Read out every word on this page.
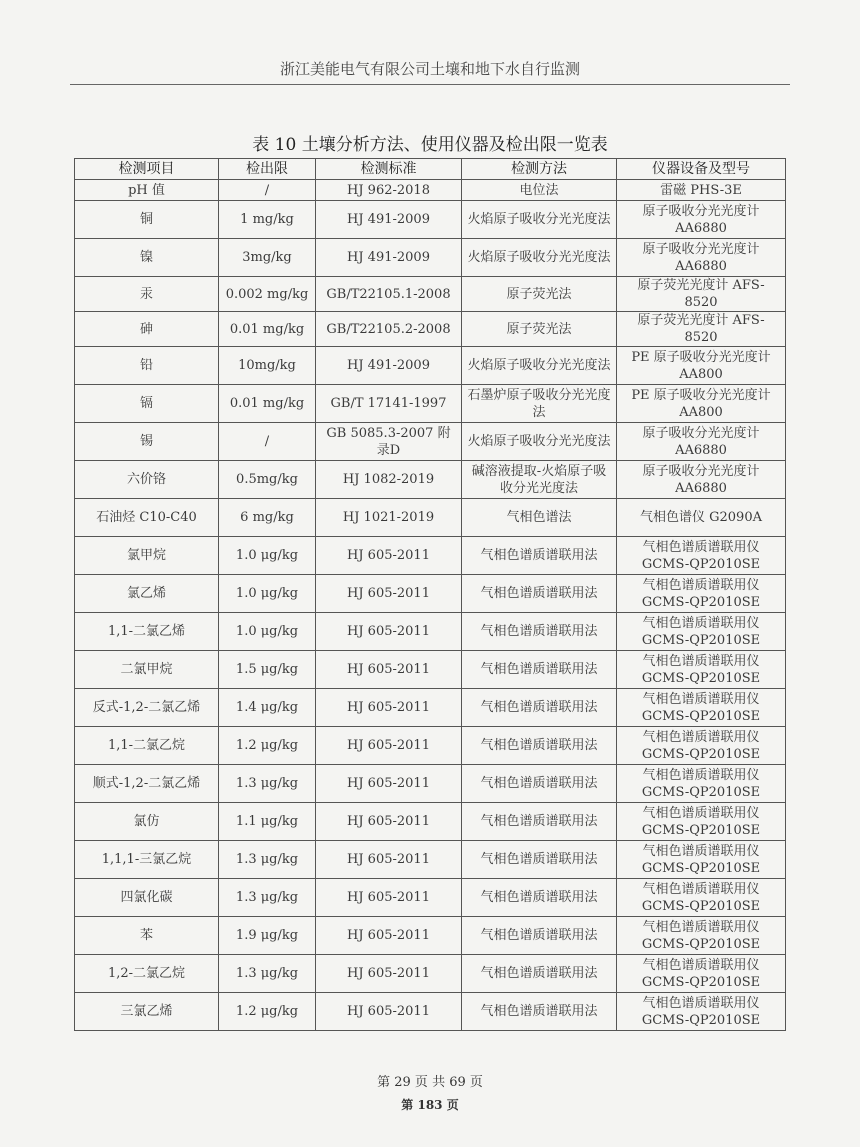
浙江美能电气有限公司土壤和地下水自行监测
表 10 土壤分析方法、使用仪器及检出限一览表
检测项目	检出限	检测标准	检测方法	仪器设备及型号
pH 值	/	HJ 962-2018	电位法	雷磁 PHS-3E
铜	1 mg/kg	HJ 491-2009	火焰原子吸收分光光度法	原子吸收分光光度计 AA6880
镍	3mg/kg	HJ 491-2009	火焰原子吸收分光光度法	原子吸收分光光度计 AA6880
汞	0.002 mg/kg	GB/T22105.1-2008	原子荧光法	原子荧光光度计 AFS-8520
砷	0.01 mg/kg	GB/T22105.2-2008	原子荧光法	原子荧光光度计 AFS-8520
铅	10mg/kg	HJ 491-2009	火焰原子吸收分光光度法	PE 原子吸收分光光度计 AA800
镉	0.01 mg/kg	GB/T 17141-1997	石墨炉原子吸收分光光度法	PE 原子吸收分光光度计 AA800
锡	/	GB 5085.3-2007 附录D	火焰原子吸收分光光度法	原子吸收分光光度计 AA6880
六价铬	0.5mg/kg	HJ 1082-2019	碱溶液提取-火焰原子吸收分光光度法	原子吸收分光光度计 AA6880
石油烃 C10-C40	6 mg/kg	HJ 1021-2019	气相色谱法	气相色谱仪 G2090A
氯甲烷	1.0 μg/kg	HJ 605-2011	气相色谱质谱联用法	气相色谱质谱联用仪 GCMS-QP2010SE
氯乙烯	1.0 μg/kg	HJ 605-2011	气相色谱质谱联用法	气相色谱质谱联用仪 GCMS-QP2010SE
1,1-二氯乙烯	1.0 μg/kg	HJ 605-2011	气相色谱质谱联用法	气相色谱质谱联用仪 GCMS-QP2010SE
二氯甲烷	1.5 μg/kg	HJ 605-2011	气相色谱质谱联用法	气相色谱质谱联用仪 GCMS-QP2010SE
反式-1,2-二氯乙烯	1.4 μg/kg	HJ 605-2011	气相色谱质谱联用法	气相色谱质谱联用仪 GCMS-QP2010SE
1,1-二氯乙烷	1.2 μg/kg	HJ 605-2011	气相色谱质谱联用法	气相色谱质谱联用仪 GCMS-QP2010SE
顺式-1,2-二氯乙烯	1.3 μg/kg	HJ 605-2011	气相色谱质谱联用法	气相色谱质谱联用仪 GCMS-QP2010SE
氯仿	1.1 μg/kg	HJ 605-2011	气相色谱质谱联用法	气相色谱质谱联用仪 GCMS-QP2010SE
1,1,1-三氯乙烷	1.3 μg/kg	HJ 605-2011	气相色谱质谱联用法	气相色谱质谱联用仪 GCMS-QP2010SE
四氯化碳	1.3 μg/kg	HJ 605-2011	气相色谱质谱联用法	气相色谱质谱联用仪 GCMS-QP2010SE
苯	1.9 μg/kg	HJ 605-2011	气相色谱质谱联用法	气相色谱质谱联用仪 GCMS-QP2010SE
1,2-二氯乙烷	1.3 μg/kg	HJ 605-2011	气相色谱质谱联用法	气相色谱质谱联用仪 GCMS-QP2010SE
三氯乙烯	1.2 μg/kg	HJ 605-2011	气相色谱质谱联用法	气相色谱质谱联用仪 GCMS-QP2010SE
第 29 页 共 69 页
第 183 页
